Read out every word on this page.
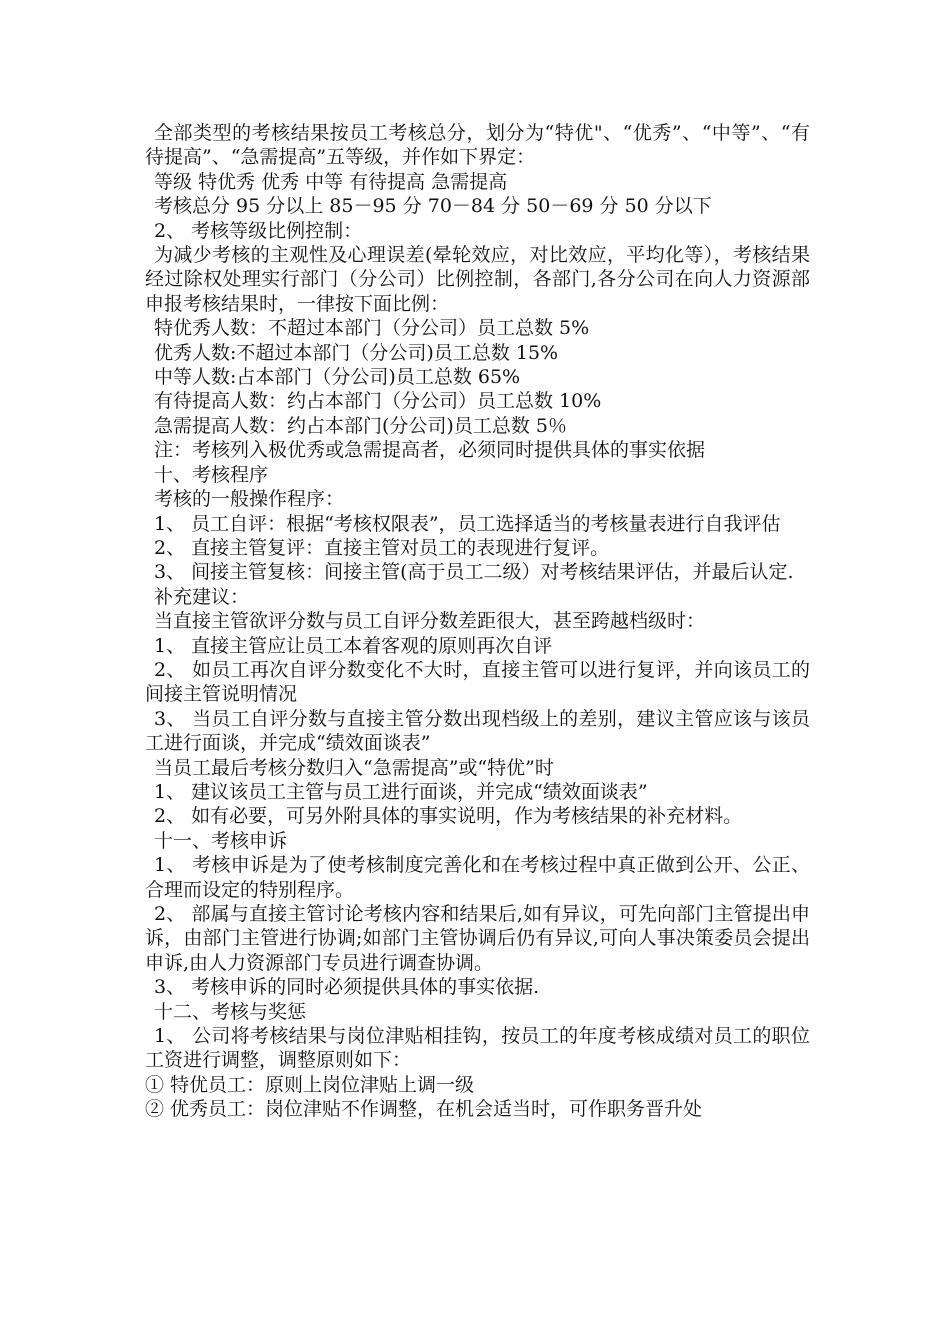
全部类型的考核结果按员工考核总分，划分为“特优"、“优秀”、“中等”、“有待提高”、“急需提高”五等级，并作如下界定：

等级 特优秀 优秀 中等 有待提高 急需提高

考核总分 95 分以上 85－95 分 70－84 分 50－69 分 50 分以下

2、 考核等级比例控制：

为减少考核的主观性及心理误差(晕轮效应，对比效应，平均化等），考核结果经过除权处理实行部门（分公司）比例控制，各部门,各分公司在向人力资源部申报考核结果时，一律按下面比例：

特优秀人数：不超过本部门（分公司）员工总数 5%

优秀人数:不超过本部门（分公司)员工总数 15%

中等人数:占本部门（分公司)员工总数 65%

有待提高人数：约占本部门（分公司）员工总数 10%

急需提高人数：约占本部门(分公司)员工总数 5％

注：考核列入极优秀或急需提高者，必须同时提供具体的事实依据

十、考核程序

考核的一般操作程序：

1、 员工自评：根据“考核权限表”，员工选择适当的考核量表进行自我评估

2、 直接主管复评：直接主管对员工的表现进行复评。

3、 间接主管复核：间接主管(高于员工二级）对考核结果评估，并最后认定.

补充建议：

当直接主管欲评分数与员工自评分数差距很大，甚至跨越档级时：

1、 直接主管应让员工本着客观的原则再次自评

2、 如员工再次自评分数变化不大时，直接主管可以进行复评，并向该员工的间接主管说明情况

3、 当员工自评分数与直接主管分数出现档级上的差别，建议主管应该与该员工进行面谈，并完成“绩效面谈表”

当员工最后考核分数归入“急需提高”或“特优”时

1、 建议该员工主管与员工进行面谈，并完成“绩效面谈表”

2、 如有必要，可另外附具体的事实说明，作为考核结果的补充材料。

十一、考核申诉

1、 考核申诉是为了使考核制度完善化和在考核过程中真正做到公开、公正、合理而设定的特别程序。

2、 部属与直接主管讨论考核内容和结果后,如有异议，可先向部门主管提出申诉，由部门主管进行协调;如部门主管协调后仍有异议,可向人事决策委员会提出申诉,由人力资源部门专员进行调查协调。

3、 考核申诉的同时必须提供具体的事实依据.

十二、考核与奖惩

1、 公司将考核结果与岗位津贴相挂钩，按员工的年度考核成绩对员工的职位工资进行调整，调整原则如下：

① 特优员工：原则上岗位津贴上调一级

② 优秀员工：岗位津贴不作调整，在机会适当时，可作职务晋升处
